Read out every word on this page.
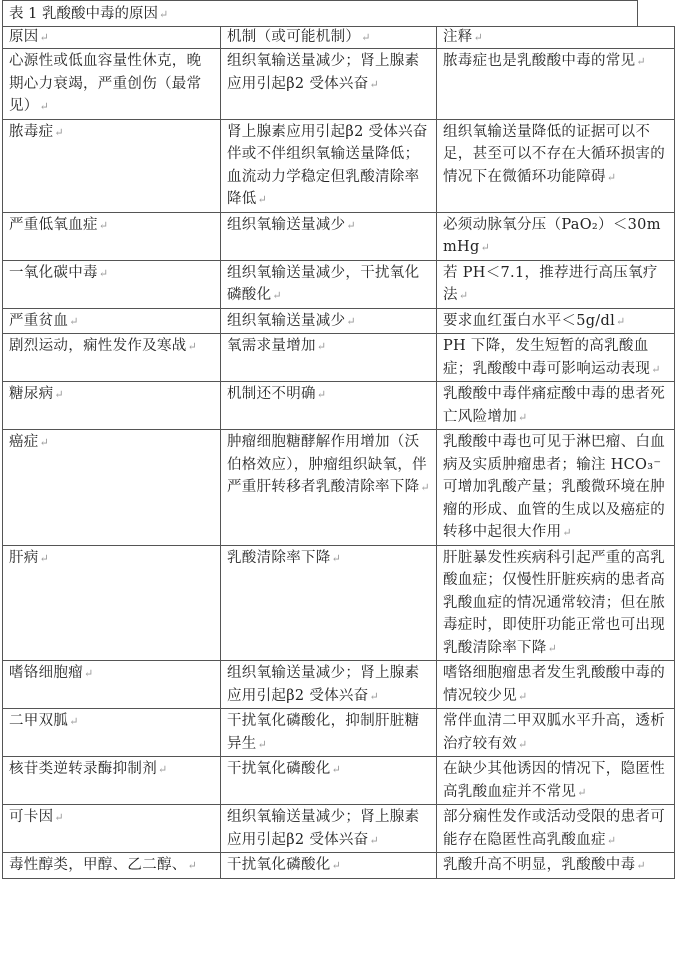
表 1 乳酸酸中毒的原因↵
原因↵	机制（或可能机制）↵	注释↵
心源性或低血容量性休克，晚期心力衰竭，严重创伤（最常见）↵	组织氧输送量减少；肾上腺素应用引起β2 受体兴奋↵	脓毒症也是乳酸酸中毒的常见↵
脓毒症↵	肾上腺素应用引起β2 受体兴奋伴或不伴组织氧输送量降低；血流动力学稳定但乳酸清除率降低↵	组织氧输送量降低的证据可以不足，甚至可以不存在大循环损害的情况下在微循环功能障碍↵
严重低氧血症↵	组织氧输送量减少↵	必须动脉氧分压（PaO₂）＜30mmHg↵
一氧化碳中毒↵	组织氧输送量减少，干扰氧化磷酸化↵	若 PH＜7.1，推荐进行高压氧疗法↵
严重贫血↵	组织氧输送量减少↵	要求血红蛋白水平＜5g/dl↵
剧烈运动，痫性发作及寒战↵	氧需求量增加↵	PH 下降，发生短暂的高乳酸血症；乳酸酸中毒可影响运动表现↵
糖尿病↵	机制还不明确↵	乳酸酸中毒伴痛症酸中毒的患者死亡风险增加↵
癌症↵	肿瘤细胞糖酵解作用增加（沃伯格效应），肿瘤组织缺氧，伴严重肝转移者乳酸清除率下降↵	乳酸酸中毒也可见于淋巴瘤、白血病及实质肿瘤患者；输注 HCO₃⁻可增加乳酸产量；乳酸微环境在肿瘤的形成、血管的生成以及癌症的转移中起很大作用↵
肝病↵	乳酸清除率下降↵	肝脏暴发性疾病科引起严重的高乳酸血症；仅慢性肝脏疾病的患者高乳酸血症的情况通常较清；但在脓毒症时，即使肝功能正常也可出现乳酸清除率下降↵
嗜铬细胞瘤↵	组织氧输送量减少；肾上腺素应用引起β2 受体兴奋↵	嗜铬细胞瘤患者发生乳酸酸中毒的情况较少见↵
二甲双胍↵	干扰氧化磷酸化，抑制肝脏糖异生↵	常伴血清二甲双胍水平升高，透析治疗较有效↵
核苷类逆转录酶抑制剂↵	干扰氧化磷酸化↵	在缺少其他诱因的情况下，隐匿性高乳酸血症并不常见↵
可卡因↵	组织氧输送量减少；肾上腺素应用引起β2 受体兴奋↵	部分痫性发作或活动受限的患者可能存在隐匿性高乳酸血症↵
毒性醇类，甲醇、乙二醇、↵	干扰氧化磷酸化↵	乳酸升高不明显，乳酸酸中毒↵
